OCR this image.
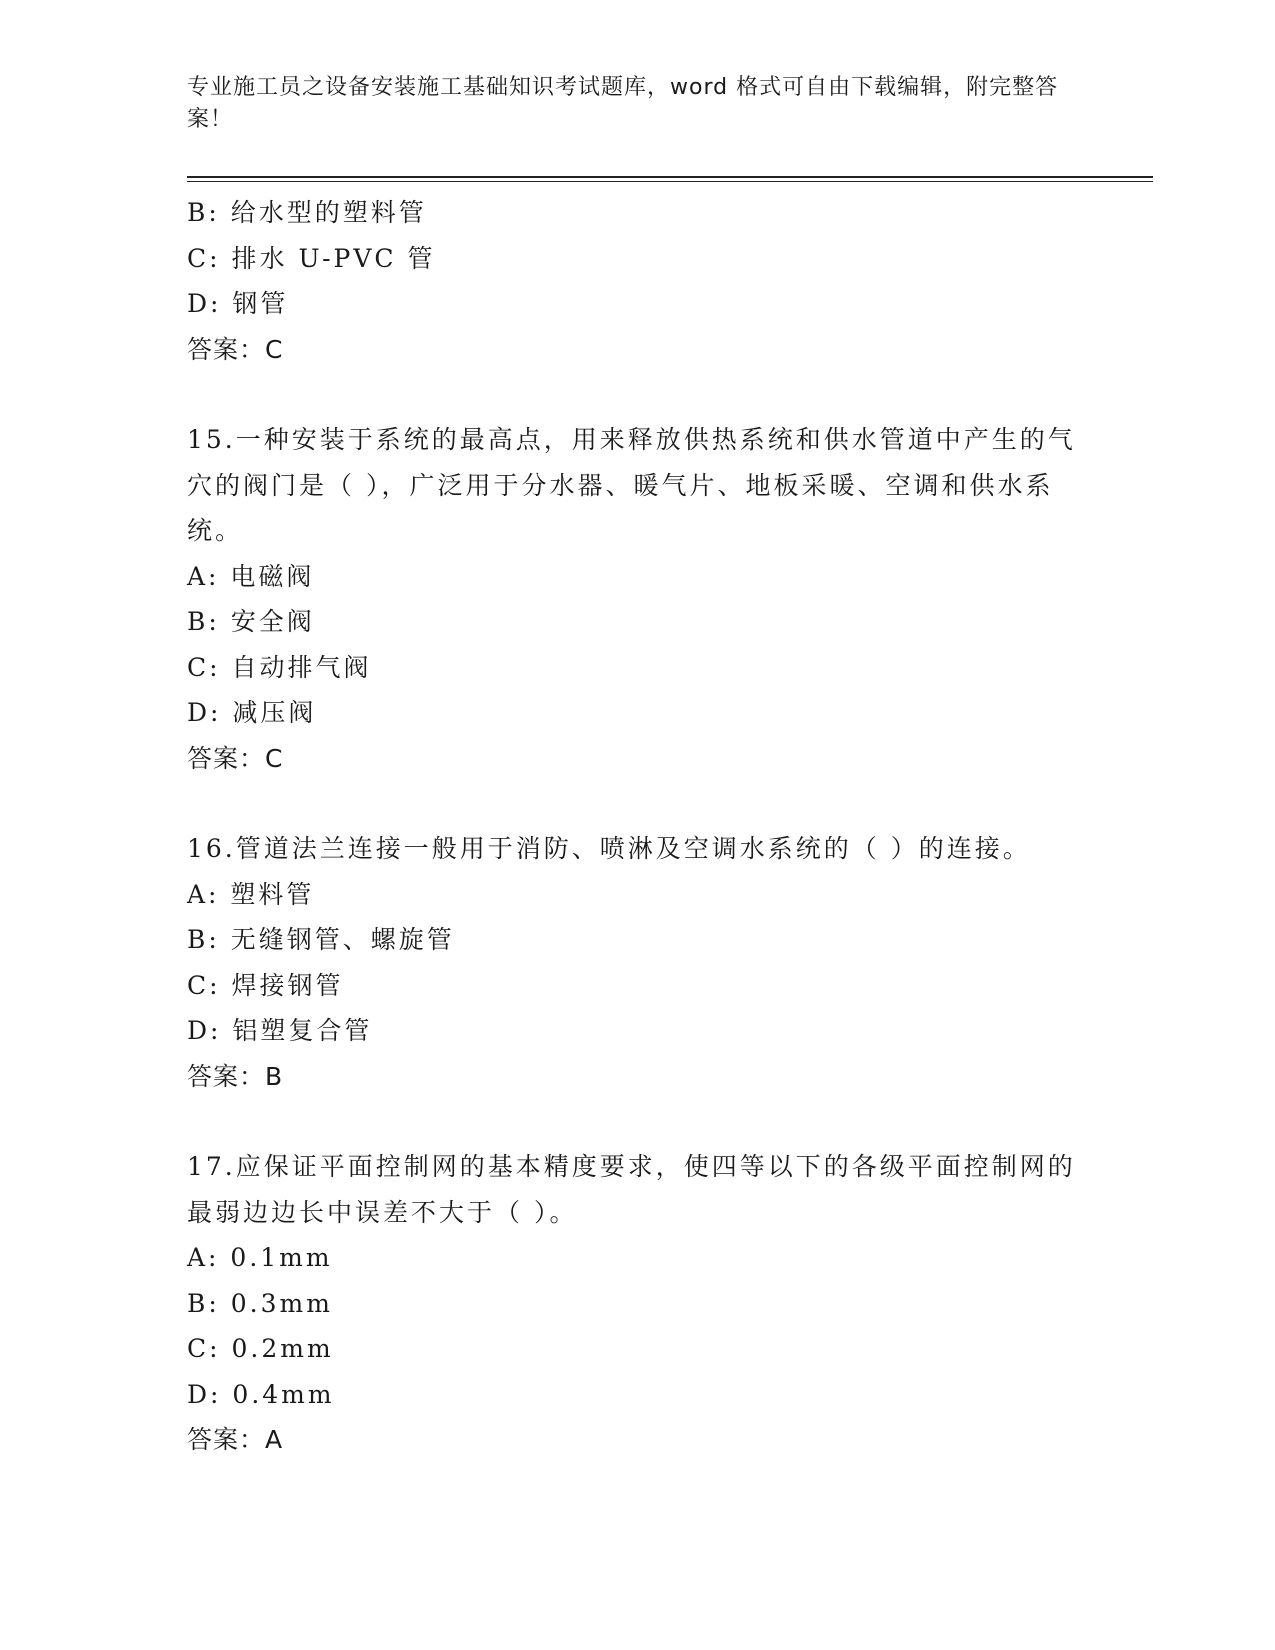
专业施工员之设备安装施工基础知识考试题库，word 格式可自由下载编辑，附完整答案！
B: 给水型的塑料管
C: 排水 U-PVC 管
D: 钢管
答案：C
15.一种安装于系统的最高点，用来释放供热系统和供水管道中产生的气穴的阀门是（ ），广泛用于分水器、暖气片、地板采暖、空调和供水系统。
A: 电磁阀
B: 安全阀
C: 自动排气阀
D: 减压阀
答案：C
16.管道法兰连接一般用于消防、喷淋及空调水系统的（ ）的连接。
A: 塑料管
B: 无缝钢管、螺旋管
C: 焊接钢管
D: 铝塑复合管
答案：B
17.应保证平面控制网的基本精度要求，使四等以下的各级平面控制网的最弱边边长中误差不大于（ ）。
A: 0.1mm
B: 0.3mm
C: 0.2mm
D: 0.4mm
答案：A
